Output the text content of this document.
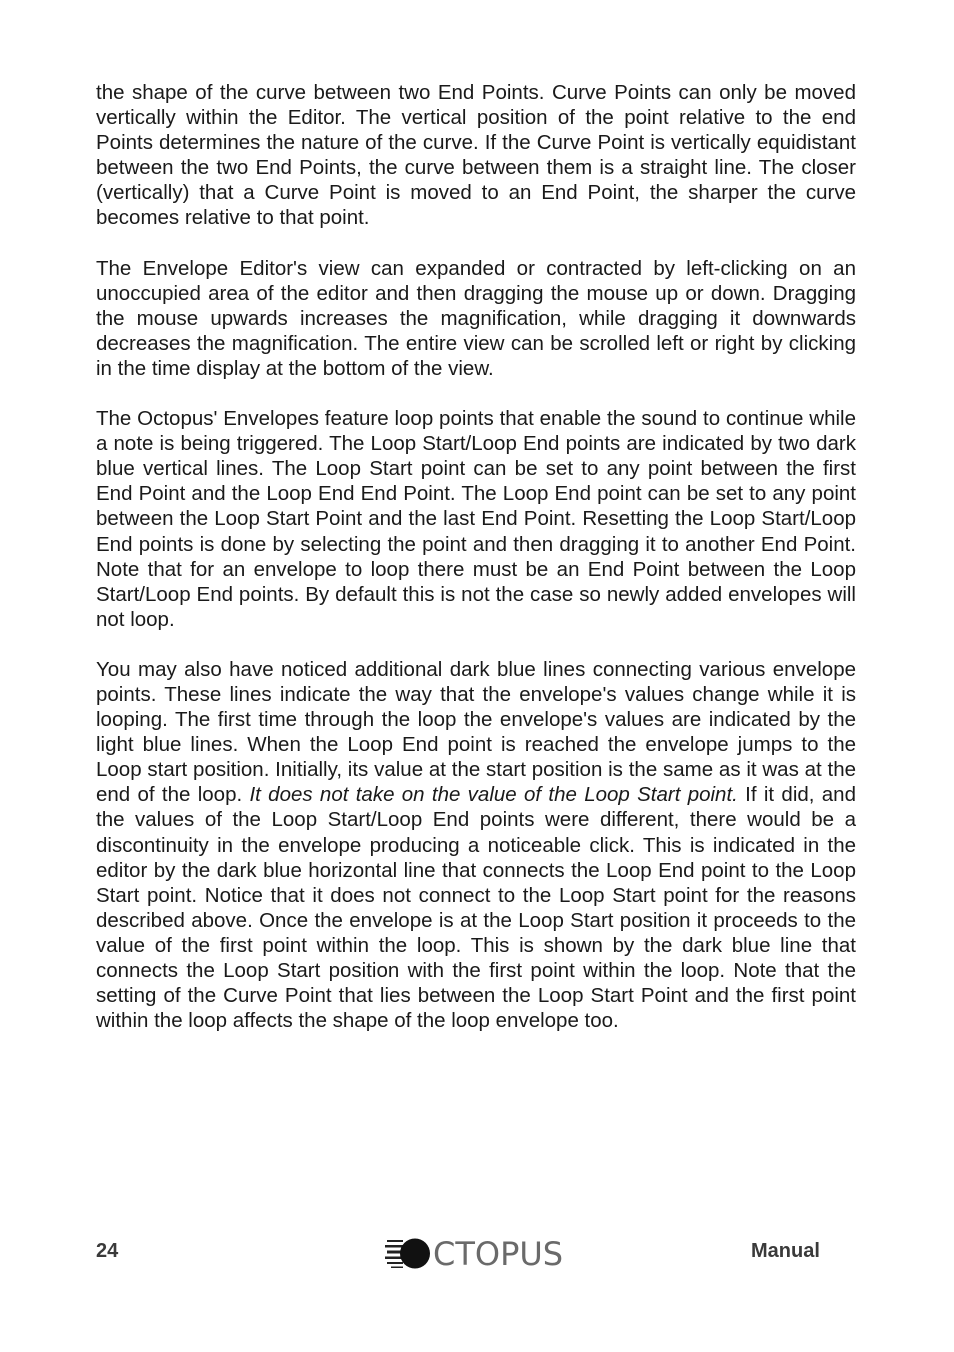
the shape of the curve between two End Points. Curve Points can only be moved vertically within the Editor. The vertical position of the point relative to the end Points determines the nature of the curve. If the Curve Point is vertically equidistant between the two End Points, the curve between them is a straight line. The closer (vertically) that a Curve Point is moved to an End Point, the sharper the curve becomes relative to that point.

The Envelope Editor's view can expanded or contracted by left-clicking on an unoccupied area of the editor and then dragging the mouse up or down. Dragging the mouse upwards increases the magnification, while dragging it downwards decreases the magnification. The entire view can be scrolled left or right by clicking in the time display at the bottom of the view.

The Octopus' Envelopes feature loop points that enable the sound to continue while a note is being triggered. The Loop Start/Loop End points are indicated by two dark blue vertical lines. The Loop Start point can be set to any point between the first End Point and the Loop End End Point. The Loop End point can be set to any point between the Loop Start Point and the last End Point. Resetting the Loop Start/Loop End points is done by selecting the point and then dragging it to another End Point. Note that for an envelope to loop there must be an End Point between the Loop Start/Loop End points. By default this is not the case so newly added envelopes will not loop.

You may also have noticed additional dark blue lines connecting various envelope points. These lines indicate the way that the envelope's values change while it is looping. The first time through the loop the envelope's values are indicated by the light blue lines. When the Loop End point is reached the envelope jumps to the Loop start position. Initially, its value at the start position is the same as it was at the end of the loop. It does not take on the value of the Loop Start point. If it did, and the values of the Loop Start/Loop End points were different, there would be a discontinuity in the envelope producing a noticeable click. This is indicated in the editor by the dark blue horizontal line that connects the Loop End point to the Loop Start point. Notice that it does not connect to the Loop Start point for the reasons described above. Once the envelope is at the Loop Start position it proceeds to the value of the first point within the loop. This is shown by the dark blue line that connects the Loop Start position with the first point within the loop. Note that the setting of the Curve Point that lies between the Loop Start Point and the first point within the loop affects the shape of the loop envelope too.

24	CTOPUS	Manual
